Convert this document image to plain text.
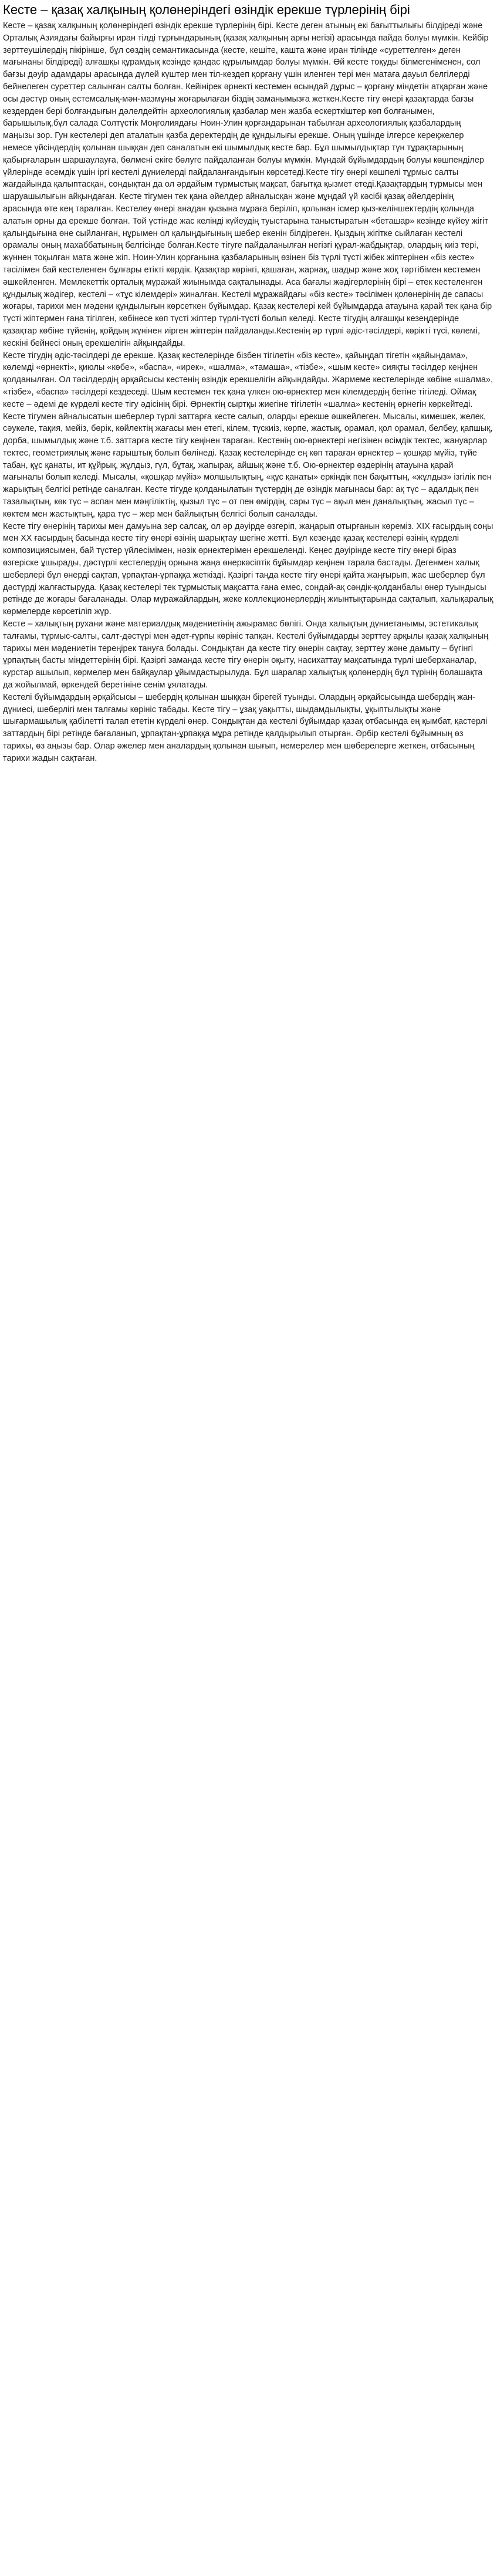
Кесте – қазақ халқының қолөнеріндегі өзіндік ерекше түрлерінің бірі

Кесте – қазақ халқының қолөнеріндегі өзіндік ерекше түрлерінің бірі. Кесте деген атының екі бағыттылығы білдіреді жәнe Орталық Азиядағы байырғы иран тілді тұрғындарының (қазақ халқының арғы негізі) арасында пайда болуы мүмкін. Кейбір зерттеушілердің пікірінше, бұл сөздің семантикасында (кесте, кешіте, кашта және иран тілінде «суреттелген» деген мағынаны білдіреді) алғашқы құрамдық кезінде қандас құрылымдар болуы мүмкін. Өй кесте тоқуды білмегеніменен, сол бағзы дәуір адамдары арасында дүлей күштер мен тіл-кездеп қорғану үшін иленген тері мен матаға дауыл белгілерді бейнелеген суреттер салынған салты болған. Кейінірек әрнекті кестемен өсындай дұрыс – қорғану міндетін атқарған және осы дәстүр оның естемсалық-мән-мазмұны жоғарылаған біздің заманымызға жеткен.Кесте тігу өнері қазақтарда бағзы кездерден бері болғандығын дәлелдейтін археологиялық қазбалар мен жазба ескерткіштер көп болғанымен, барышылық,бұл салада Солтүстік Моңголиядағы Ноин-Улин қорғандарынан табылған археологиялық қазбалардың маңызы зор. Гун кестелері деп аталатын қазба деректердің де құндылығы ерекше. Оның үшінде ілгерсе кереқжелер немесе үйсіндердің қолынан шыққан деп саналатын екі шымылдық кесте бар. Бұл шымылдықтар түн тұрақтарының қабырғаларын шаршаулауға, бөлмені екіге бөлуге пайдаланған болуы мүмкін. Мұндай бұйымдардың болуы көшпенділер үйлерінде әсемдік үшін іргі кестелі дүниелерді пайдаланғандығын көрсетеді.Кесте тігу өнері көшпелі тұрмыс салты жағдайында қалыптасқан, сондықтан да ол әрдайым тұрмыстық мақсат, бағытқа қызмет етеді.Қазақтардың тұрмысы мен шаруашылығын айқындаған. Кесте тігумен тек қана әйелдер айналысқан және мұндай үй кәсібі қазақ әйелдерінің арасында өте кең таралған. Кестелеу өнері анадан қызына мұраға беріліп, қолынан ісмер қыз-келіншектердің қолында алатын орны да ерекше болған. Той үстінде жас келінді күйеудің туыстарына таныстыратын «беташар» кезінде күйеу жігіт қалыңдығына өне сыйланған, нұрымен ол қалыңдығының шебер екенін білдіреген. Қыздың жігітке сыйлаған кестелі орамалы оның махаббатының белгісінде болған.Кесте тігуге пайдаланылған негізгі құрал-жабдықтар, олардың киіз тері, жүннен тоқылған мата және жіп. Ноин-Улин қорғанына қазбаларының өзінен біз түрлі түсті жібек жіптерінен «біз кесте» тәсілімен бай кестеленген бұлғары етікті көрдік. Қазақтар көрінгі, қашаған, жарнақ, шадыр және жоқ тәртібімен кестемен әшкейленген. Мемлекеттік орталық мұражай жиынымда сақталынады. Аса бағалы жәдігерлерінің бірі – етек кестеленген құндылық жәдігер, кестелі – «тұс кілемдері» жиналған. Кестелі мұражайдағы «біз кесте» тәсілімен қолөнерінің де сапасы жоғары, тарихи мен мәдени құндылығын көрсеткен бұйымдар. Қазақ кестелері кей бұйымдарда атауына қарай тек қана бір түсті жіптермен ғана тігілген, көбінесе көп түсті жіптер түрлі-түсті болып келеді. Кесте тігудің алғашқы кезеңдерінде қазақтар көбіне түйенің, қойдың жүнінен иірген жіптерін пайдаланды.Кестенің әр түрлі әдіс-тәсілдері, көрікті түсі, көлемі, кескіні бейнесі оның ерекшелігін айқындайды.

Кесте тігудің әдіс-тәсілдері де ерекше. Қазақ кестелерінде бізбен тігілетін «біз кесте», қайыңдап тігетін «қайыңдама», көлемді «өрнекті», қиюлы «көбе», «баспа», «ирек», «шалма», «тамаша», «тізбе», «шым кесте» сияқты тәсілдер кеңінен қолданылған. Ол тәсілдердің әрқайсысы кестенің өзіндік ерекшелігін айқындайды. Жармеме кестелерінде көбіне «шалма», «тізбе», «баспа» тәсілдері кездеседі. Шым кестемен тек қана үлкен ою-өрнектер мен кілемдердің бетіне тігіледі. Оймақ кесте – әдемі де күрделі кесте тігу әдісінің бірі. Өрнектің сыртқы жиегіне тігілетін «шалма» кестенің өрнегін көркейтеді.

Кесте тігумен айналысатын шеберлер түрлі заттарға кесте салып, оларды ерекше әшкейлеген. Мысалы, кимешек, желек, сәукеле, тақия, мейіз, бөрік, көйлектің жағасы мен етегі, кілем, түскиіз, көрпе, жастық, орамал, қол орамал, белбеу, қапшық, дорба, шымылдық және т.б. заттарға кесте тігу кеңінен тараған. Кестенің ою-өрнектері негізінен өсімдік тектес, жануарлар тектес, геометриялық және ғарыштық болып бөлінеді. Қазақ кестелерінде ең көп тараған өрнектер – қошқар мүйіз, түйе табан, құс қанаты, ит құйрық, жұлдыз, гүл, бұтақ, жапырақ, айшық және т.б. Ою-өрнектер өздерінің атауына қарай мағыналы болып келеді. Мысалы, «қошқар мүйіз» молшылықтың, «құс қанаты» еркіндік пен бақыттың, «жұлдыз» ізгілік пен жарықтың белгісі ретінде саналған. Кесте тігуде қолданылатын түстердің де өзіндік мағынасы бар: ақ түс – адалдық пен тазалықтың, көк түс – аспан мен мәңгіліктің, қызыл түс – от пен өмірдің, сары түс – ақыл мен даналықтың, жасыл түс – көктем мен жастықтың, қара түс – жер мен байлықтың белгісі болып саналады.

Кесте тігу өнерінің тарихы мен дамуына зер салсақ, ол әр дәуірде өзгеріп, жаңарып отырғанын көреміз. XIX ғасырдың соңы мен XX ғасырдың басында кесте тігу өнері өзінің шарықтау шегіне жетті. Бұл кезеңде қазақ кестелері өзінің күрделі композициясымен, бай түстер үйлесімімен, нәзік өрнектерімен ерекшеленді. Кеңес дәуірінде кесте тігу өнері біраз өзгеріске ұшырады, дәстүрлі кестелердің орнына жаңа өнеркәсіптік бұйымдар кеңінен тарала бастады. Дегенмен халық шеберлері бұл өнерді сақтап, ұрпақтан-ұрпаққа жеткізді. Қазіргі таңда кесте тігу өнері қайта жаңғырып, жас шеберлер бұл дәстүрді жалғастыруда. Қазақ кестелері тек тұрмыстық мақсатта ғана емес, сондай-ақ сәндік-қолданбалы өнер туындысы ретінде де жоғары бағаланады. Олар мұражайлардың, жеке коллекционерлердің жиынтықтарында сақталып, халықаралық көрмелерде көрсетіліп жүр.

Кесте – халықтың рухани және материалдық мәдениетінің ажырамас бөлігі. Онда халықтың дүниетанымы, эстетикалық талғамы, тұрмыс-салты, салт-дәстүрі мен әдет-ғұрпы көрініс тапқан. Кестелі бұйымдарды зерттеу арқылы қазақ халқының тарихы мен мәдениетін тереңірек тануға болады. Сондықтан да кесте тігу өнерін сақтау, зерттеу және дамыту – бүгінгі ұрпақтың басты міндеттерінің бірі. Қазіргі заманда кесте тігу өнерін оқыту, насихаттау мақсатында түрлі шеберханалар, курстар ашылып, көрмелер мен байқаулар ұйымдастырылуда. Бұл шаралар халықтық қолөнердің бұл түрінің болашақта да жойылмай, өркендей беретініне сенім ұялатады.

Кестелі бұйымдардың әрқайсысы – шебердің қолынан шыққан бірегей туынды. Олардың әрқайсысында шебердің жан-дүниесі, шеберлігі мен талғамы көрініс табады. Кесте тігу – ұзақ уақытты, шыдамдылықты, ұқыптылықты және шығармашылық қабілетті талап ететін күрделі өнер. Сондықтан да кестелі бұйымдар қазақ отбасында ең қымбат, қастерлі заттардың бірі ретінде бағаланып, ұрпақтан-ұрпаққа мұра ретінде қалдырылып отырған. Әрбір кестелі бұйымның өз тарихы, өз аңызы бар. Олар әжелер мен аналардың қолынан шығып, немерелер мен шөберелерге жеткен, отбасының тарихи жадын сақтаған.
